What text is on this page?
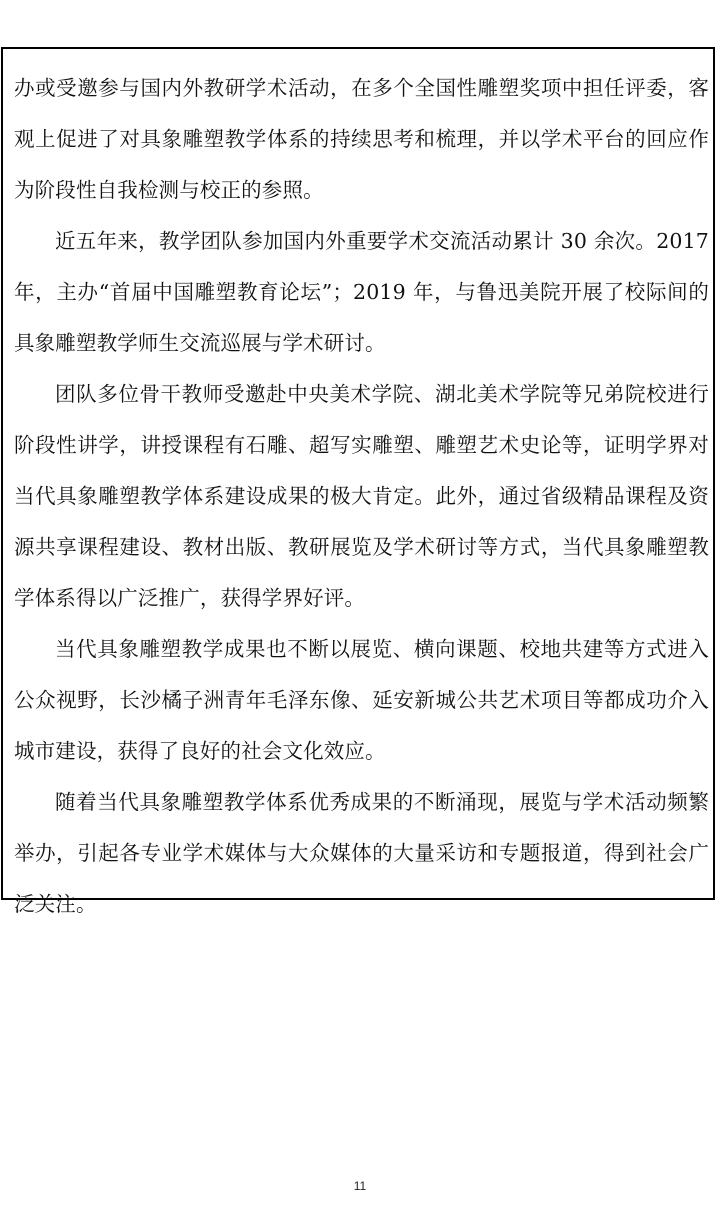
办或受邀参与国内外教研学术活动，在多个全国性雕塑奖项中担任评委，客观上促进了对具象雕塑教学体系的持续思考和梳理，并以学术平台的回应作为阶段性自我检测与校正的参照。

近五年来，教学团队参加国内外重要学术交流活动累计 30 余次。2017 年，主办“首届中国雕塑教育论坛”；2019 年，与鲁迅美院开展了校际间的具象雕塑教学师生交流巡展与学术研讨。

团队多位骨干教师受邀赴中央美术学院、湖北美术学院等兄弟院校进行阶段性讲学，讲授课程有石雕、超写实雕塑、雕塑艺术史论等，证明学界对当代具象雕塑教学体系建设成果的极大肯定。此外，通过省级精品课程及资源共享课程建设、教材出版、教研展览及学术研讨等方式，当代具象雕塑教学体系得以广泛推广，获得学界好评。

当代具象雕塑教学成果也不断以展览、横向课题、校地共建等方式进入公众视野，长沙橘子洲青年毛泽东像、延安新城公共艺术项目等都成功介入城市建设，获得了良好的社会文化效应。

随着当代具象雕塑教学体系优秀成果的不断涌现，展览与学术活动频繁举办，引起各专业学术媒体与大众媒体的大量采访和专题报道，得到社会广泛关注。

11
